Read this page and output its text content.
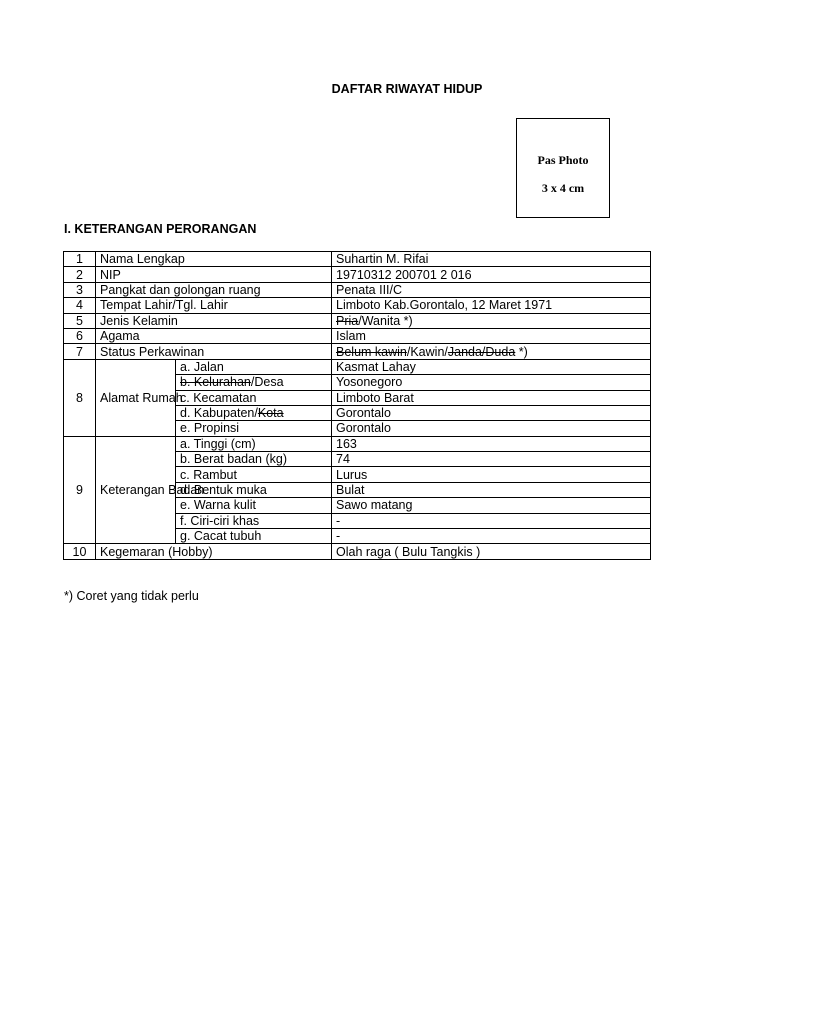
DAFTAR RIWAYAT HIDUP
Pas Photo
3 x 4 cm
I. KETERANGAN PERORANGAN
1	Nama Lengkap		Suhartin M. Rifai
2	NIP		19710312 200701 2 016
3	Pangkat dan golongan ruang		Penata III/C
4	Tempat Lahir/Tgl. Lahir		Limboto Kab.Gorontalo, 12 Maret 1971
5	Jenis Kelamin		Pria/Wanita *)
6	Agama		Islam
7	Status Perkawinan		Belum kawin/Kawin/Janda/Duda *)
8	Alamat Rumah	a. Jalan	Kasmat Lahay
		b. Kelurahan/Desa	Yosonegoro
		c. Kecamatan	Limboto Barat
		d. Kabupaten/Kota	Gorontalo
		e. Propinsi	Gorontalo
9	Keterangan Badan	a. Tinggi (cm)	163
		b. Berat badan (kg)	74
		c. Rambut	Lurus
		d. Bentuk muka	Bulat
		e. Warna kulit	Sawo matang
		f. Ciri-ciri khas	-
		g. Cacat tubuh	-
10	Kegemaran (Hobby)		Olah raga ( Bulu Tangkis )
*) Coret yang tidak perlu
